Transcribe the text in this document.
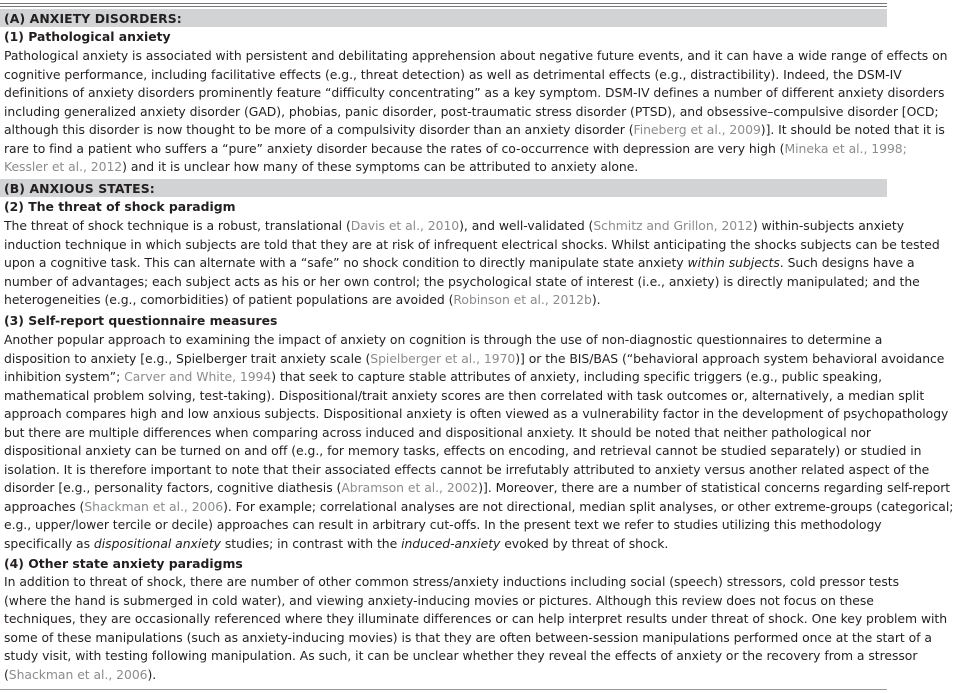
(A) ANXIETY DISORDERS:
(1) Pathological anxiety
Pathological anxiety is associated with persistent and debilitating apprehension about negative future events, and it can have a wide range of effects on
cognitive performance, including facilitative effects (e.g., threat detection) as well as detrimental effects (e.g., distractibility). Indeed, the DSM-IV
definitions of anxiety disorders prominently feature “difficulty concentrating” as a key symptom. DSM-IV defines a number of different anxiety disorders
including generalized anxiety disorder (GAD), phobias, panic disorder, post-traumatic stress disorder (PTSD), and obsessive–compulsive disorder [OCD;
although this disorder is now thought to be more of a compulsivity disorder than an anxiety disorder (Fineberg et al., 2009)]. It should be noted that it is
rare to find a patient who suffers a “pure” anxiety disorder because the rates of co-occurrence with depression are very high (Mineka et al., 1998;
Kessler et al., 2012) and it is unclear how many of these symptoms can be attributed to anxiety alone.
(B) ANXIOUS STATES:
(2) The threat of shock paradigm
The threat of shock technique is a robust, translational (Davis et al., 2010), and well-validated (Schmitz and Grillon, 2012) within-subjects anxiety
induction technique in which subjects are told that they are at risk of infrequent electrical shocks. Whilst anticipating the shocks subjects can be tested
upon a cognitive task. This can alternate with a “safe” no shock condition to directly manipulate state anxiety within subjects. Such designs have a
number of advantages; each subject acts as his or her own control; the psychological state of interest (i.e., anxiety) is directly manipulated; and the
heterogeneities (e.g., comorbidities) of patient populations are avoided (Robinson et al., 2012b).
(3) Self-report questionnaire measures
Another popular approach to examining the impact of anxiety on cognition is through the use of non-diagnostic questionnaires to determine a
disposition to anxiety [e.g., Spielberger trait anxiety scale (Spielberger et al., 1970)] or the BIS/BAS (“behavioral approach system behavioral avoidance
inhibition system”; Carver and White, 1994) that seek to capture stable attributes of anxiety, including specific triggers (e.g., public speaking,
mathematical problem solving, test-taking). Dispositional/trait anxiety scores are then correlated with task outcomes or, alternatively, a median split
approach compares high and low anxious subjects. Dispositional anxiety is often viewed as a vulnerability factor in the development of psychopathology
but there are multiple differences when comparing across induced and dispositional anxiety. It should be noted that neither pathological nor
dispositional anxiety can be turned on and off (e.g., for memory tasks, effects on encoding, and retrieval cannot be studied separately) or studied in
isolation. It is therefore important to note that their associated effects cannot be irrefutably attributed to anxiety versus another related aspect of the
disorder [e.g., personality factors, cognitive diathesis (Abramson et al., 2002)]. Moreover, there are a number of statistical concerns regarding self-report
approaches (Shackman et al., 2006). For example; correlational analyses are not directional, median split analyses, or other extreme-groups (categorical;
e.g., upper/lower tercile or decile) approaches can result in arbitrary cut-offs. In the present text we refer to studies utilizing this methodology
specifically as dispositional anxiety studies; in contrast with the induced-anxiety evoked by threat of shock.
(4) Other state anxiety paradigms
In addition to threat of shock, there are number of other common stress/anxiety inductions including social (speech) stressors, cold pressor tests
(where the hand is submerged in cold water), and viewing anxiety-inducing movies or pictures. Although this review does not focus on these
techniques, they are occasionally referenced where they illuminate differences or can help interpret results under threat of shock. One key problem with
some of these manipulations (such as anxiety-inducing movies) is that they are often between-session manipulations performed once at the start of a
study visit, with testing following manipulation. As such, it can be unclear whether they reveal the effects of anxiety or the recovery from a stressor
(Shackman et al., 2006).
